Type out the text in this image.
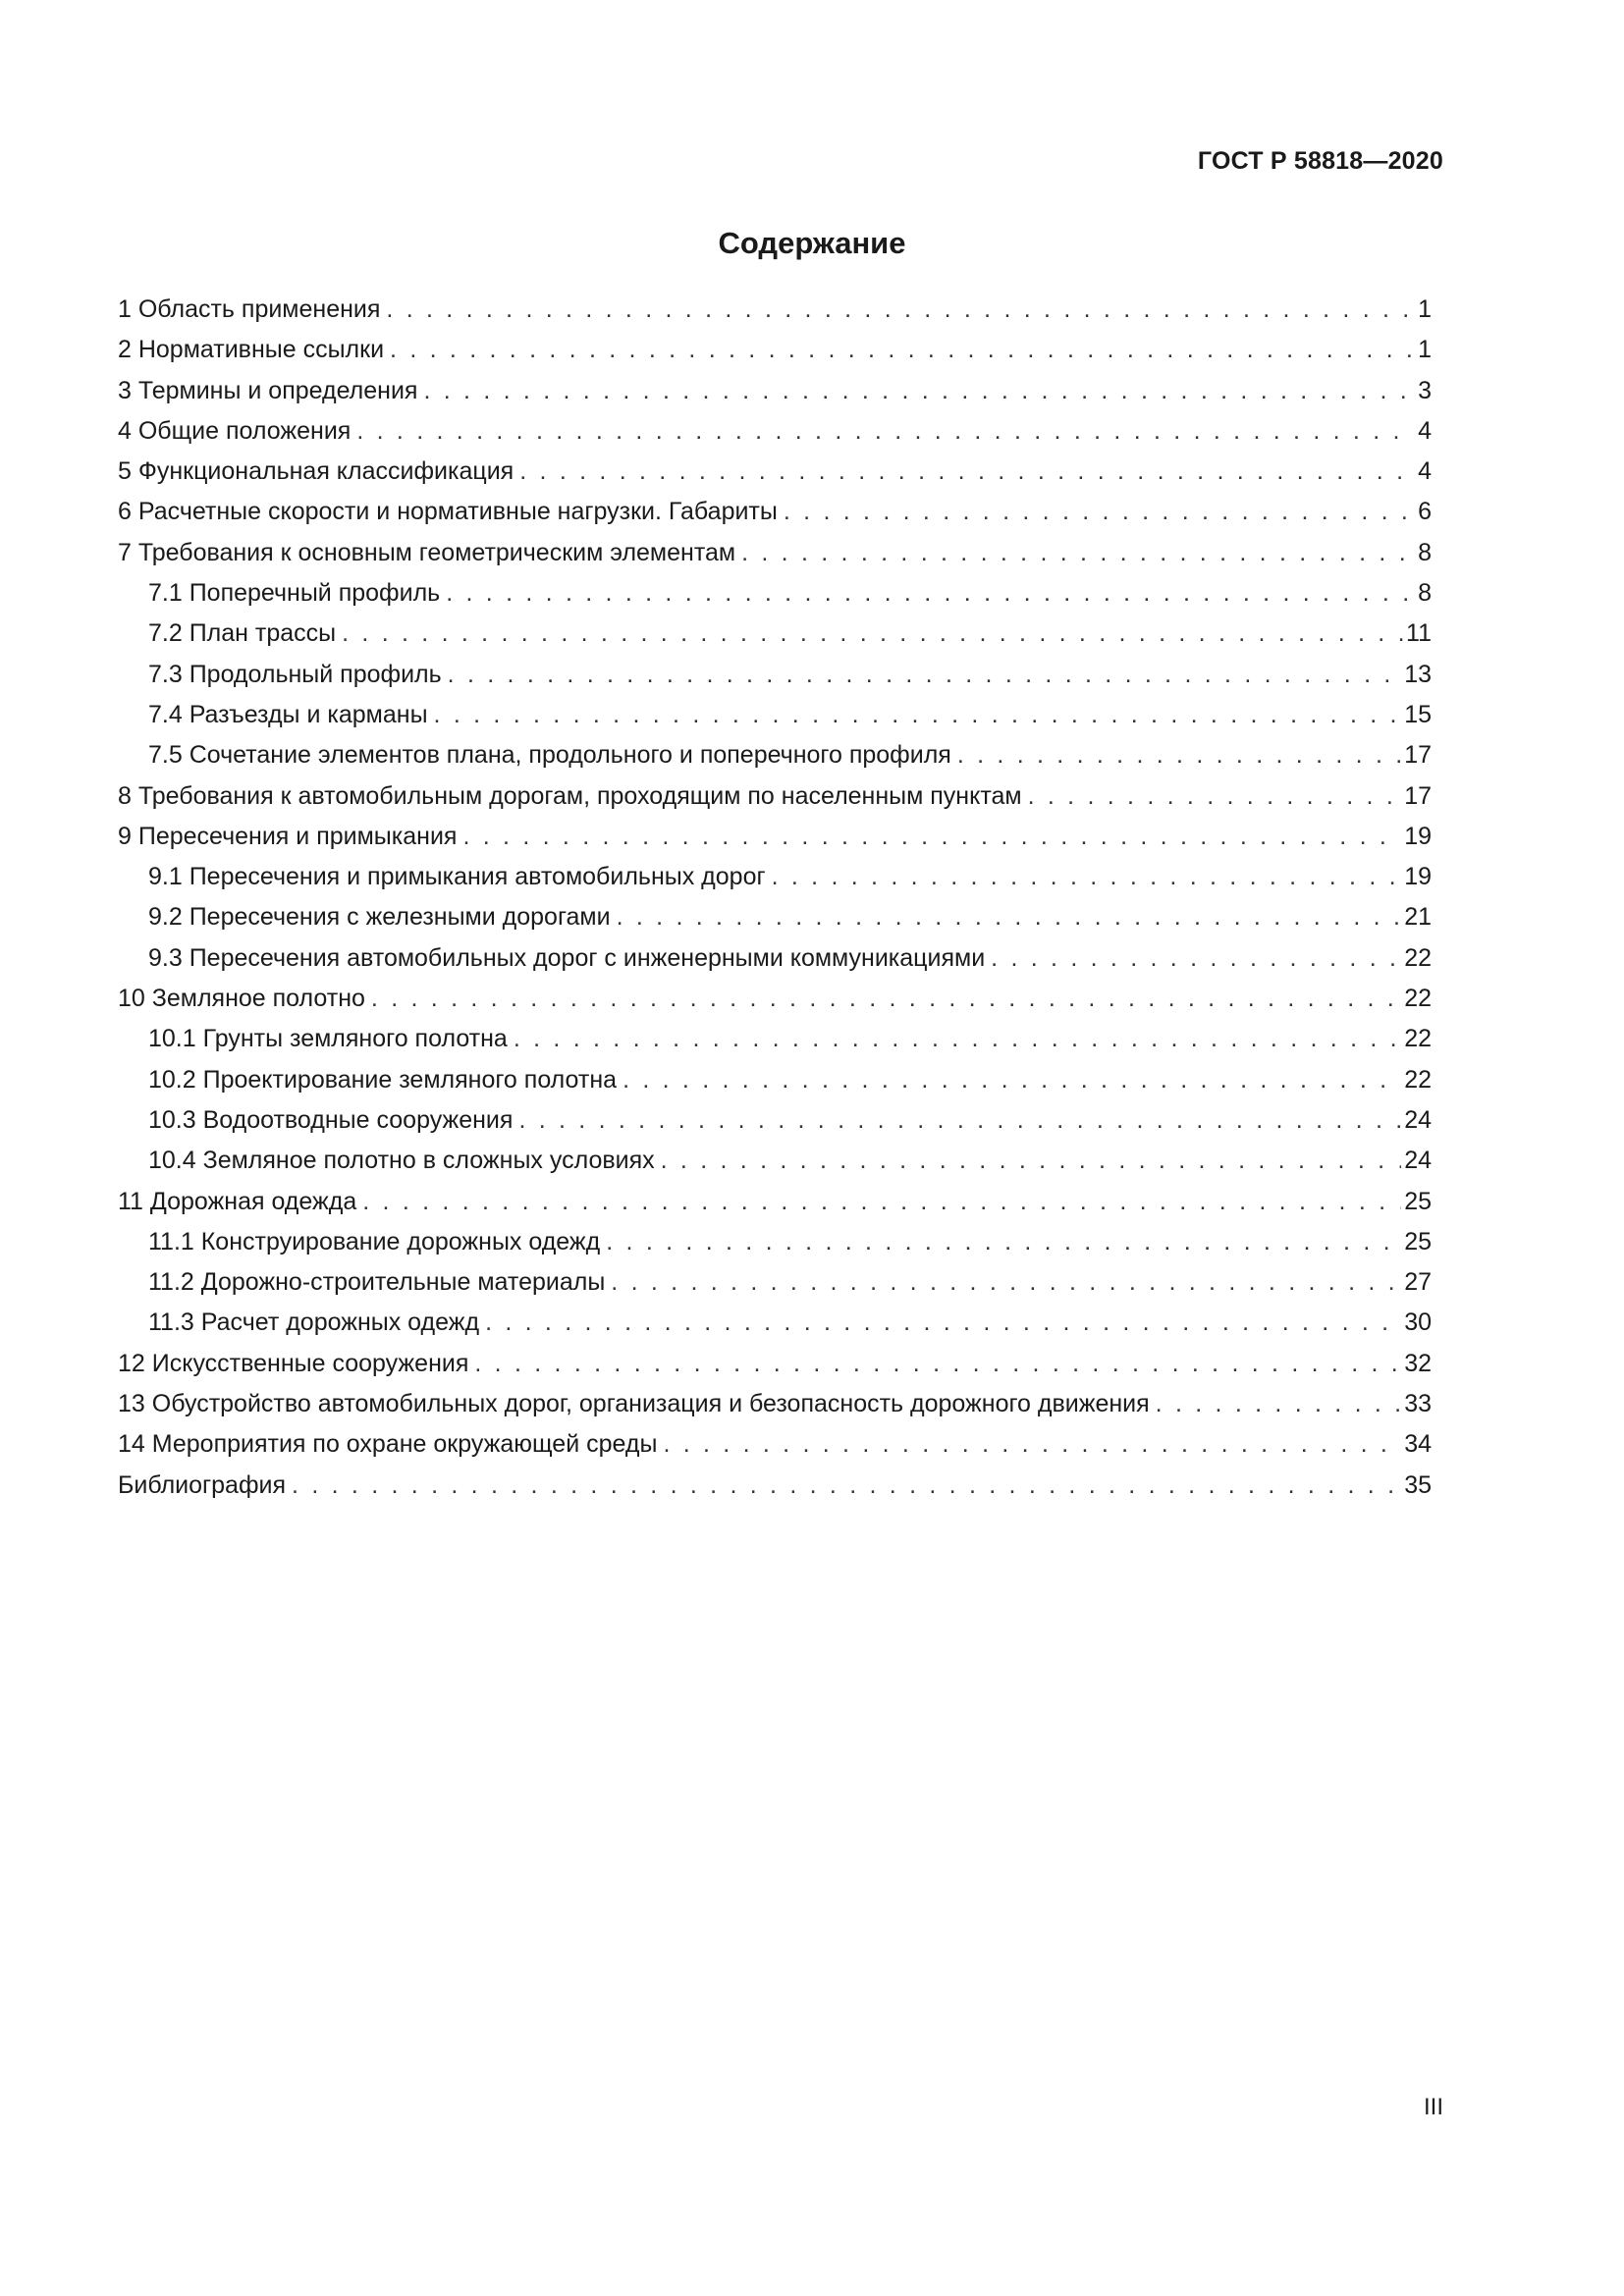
ГОСТ Р 58818—2020
Содержание
1 Область применения . . .	1
2 Нормативные ссылки . . .	1
3 Термины и определения . . .	3
4 Общие положения . . .	4
5 Функциональная классификация . . .	4
6 Расчетные скорости и нормативные нагрузки. Габариты . . .	6
7 Требования к основным геометрическим элементам . . .	8
7.1 Поперечный профиль . . .	8
7.2 План трассы . . .	11
7.3 Продольный профиль . . .	13
7.4 Разъезды и карманы . . .	15
7.5 Сочетание элементов плана, продольного и поперечного профиля . . .	17
8 Требования к автомобильным дорогам, проходящим по населенным пунктам . . .	17
9 Пересечения и примыкания . . .	19
9.1 Пересечения и примыкания автомобильных дорог . . .	19
9.2 Пересечения с железными дорогами . . .	21
9.3 Пересечения автомобильных дорог с инженерными коммуникациями . . .	22
10 Земляное полотно . . .	22
10.1 Грунты земляного полотна . . .	22
10.2 Проектирование земляного полотна . . .	22
10.3 Водоотводные сооружения . . .	24
10.4 Земляное полотно в сложных условиях . . .	24
11 Дорожная одежда . . .	25
11.1 Конструирование дорожных одежд . . .	25
11.2 Дорожно-строительные материалы . . .	27
11.3 Расчет дорожных одежд . . .	30
12 Искусственные сооружения . . .	32
13 Обустройство автомобильных дорог, организация и безопасность дорожного движения . . .	33
14 Мероприятия по охране окружающей среды . . .	34
Библиография . . .	35
III
